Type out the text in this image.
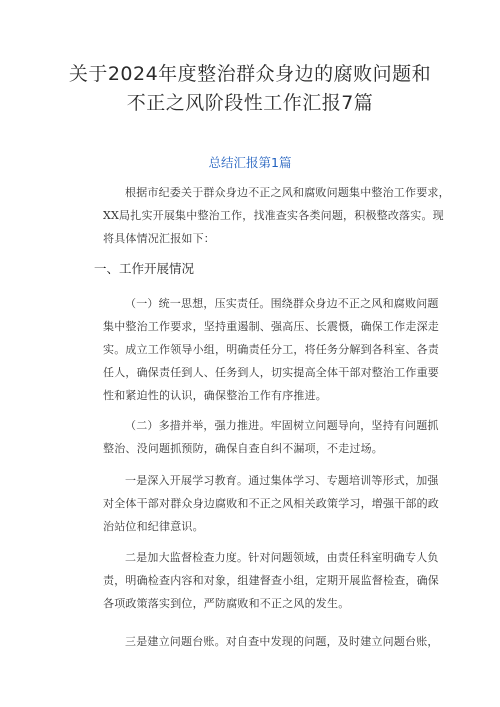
关于2024年度整治群众身边的腐败问题和
不正之风阶段性工作汇报7篇
总结汇报第1篇
根据市纪委关于群众身边不正之风和腐败问题集中整治工作要求，
XX局扎实开展集中整治工作，找准查实各类问题，积极整改落实。现
将具体情况汇报如下：
一、工作开展情况
（一）统一思想，压实责任。围绕群众身边不正之风和腐败问题
集中整治工作要求，坚持重遏制、强高压、长震慑，确保工作走深走
实。成立工作领导小组，明确责任分工，将任务分解到各科室、各责
任人，确保责任到人、任务到人，切实提高全体干部对整治工作重要
性和紧迫性的认识，确保整治工作有序推进。
（二）多措并举，强力推进。牢固树立问题导向，坚持有问题抓
整治、没问题抓预防，确保自查自纠不漏项，不走过场。
一是深入开展学习教育。通过集体学习、专题培训等形式，加强
对全体干部对群众身边腐败和不正之风相关政策学习，增强干部的政
治站位和纪律意识。
二是加大监督检查力度。针对问题领域，由责任科室明确专人负
责，明确检查内容和对象，组建督查小组，定期开展监督检查，确保
各项政策落实到位，严防腐败和不正之风的发生。
三是建立问题台账。对自查中发现的问题，及时建立问题台账，
